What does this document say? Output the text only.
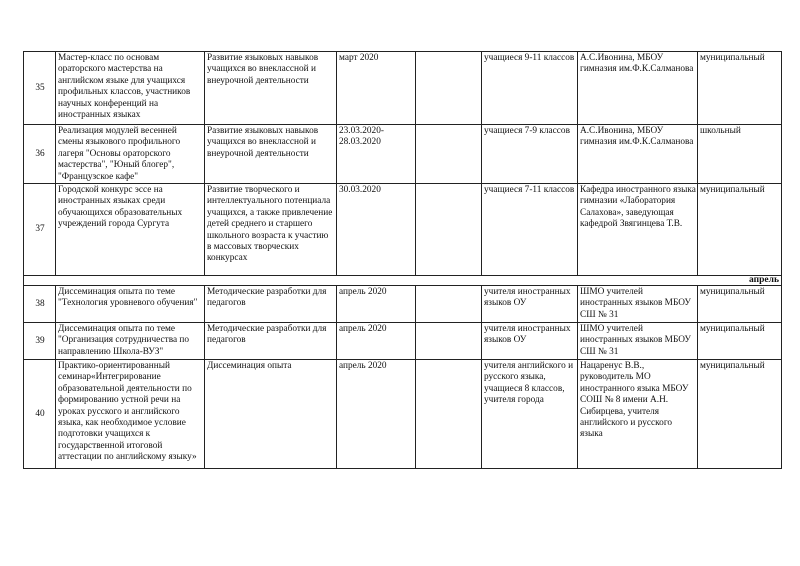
35	Мастер-класс по основам ораторского мастерства на английском языке для учащихся профильных классов, участников научных конференций на иностранных языках	Развитие языковых навыков учащихся во внеклассной и внеурочной деятельности	март 2020		учащиеся 9-11 классов	А.С.Ивонина, МБОУ гимназия им.Ф.К.Салманова	муниципальный
36	Реализация модулей весенней смены языкового профильного лагеря "Основы ораторского мастерства", "Юный блогер", "Французское кафе"	Развитие языковых навыков учащихся во внеклассной и внеурочной деятельности	23.03.2020-28.03.2020		учащиеся 7-9 классов	А.С.Ивонина, МБОУ гимназия им.Ф.К.Салманова	школьный
37	Городской конкурс эссе на иностранных языках среди обучающихся образовательных учреждений города Сургута	Развитие творческого и интеллектуального потенциала учащихся, а также привлечение детей среднего и старшего школьного возраста к участию в массовых творческих конкурсах	30.03.2020		учащиеся 7-11 классов	Кафедра иностранного языка гимназии «Лаборатория Салахова», заведующая кафедрой Звягинцева Т.В.	муниципальный
апрель							
38	Диссеминация опыта по теме "Технология уровневого обучения"	Методические разработки для педагогов	апрель 2020		учителя иностранных языков ОУ	ШМО учителей иностранных языков МБОУ СШ № 31	муниципальный
39	Диссеминация опыта по теме "Организация сотрудничества по направлению Школа-ВУЗ"	Методические разработки для педагогов	апрель 2020		учителя иностранных языков ОУ	ШМО учителей иностранных языков МБОУ СШ № 31	муниципальный
40	Практико-ориентированный семинар«Интегрирование образовательной деятельности по формированию устной речи на уроках русского и английского языка, как необходимое условие подготовки учащихся к государственной итоговой аттестации по английскому языку»	Диссеминация опыта	апрель 2020		учителя английского и русского языка, учащиеся 8 классов, учителя города	Нацаренус В.В., руководитель МО иностранного языка МБОУ СОШ № 8 имени А.Н. Сибирцева, учителя английского и русского языка	муниципальный
